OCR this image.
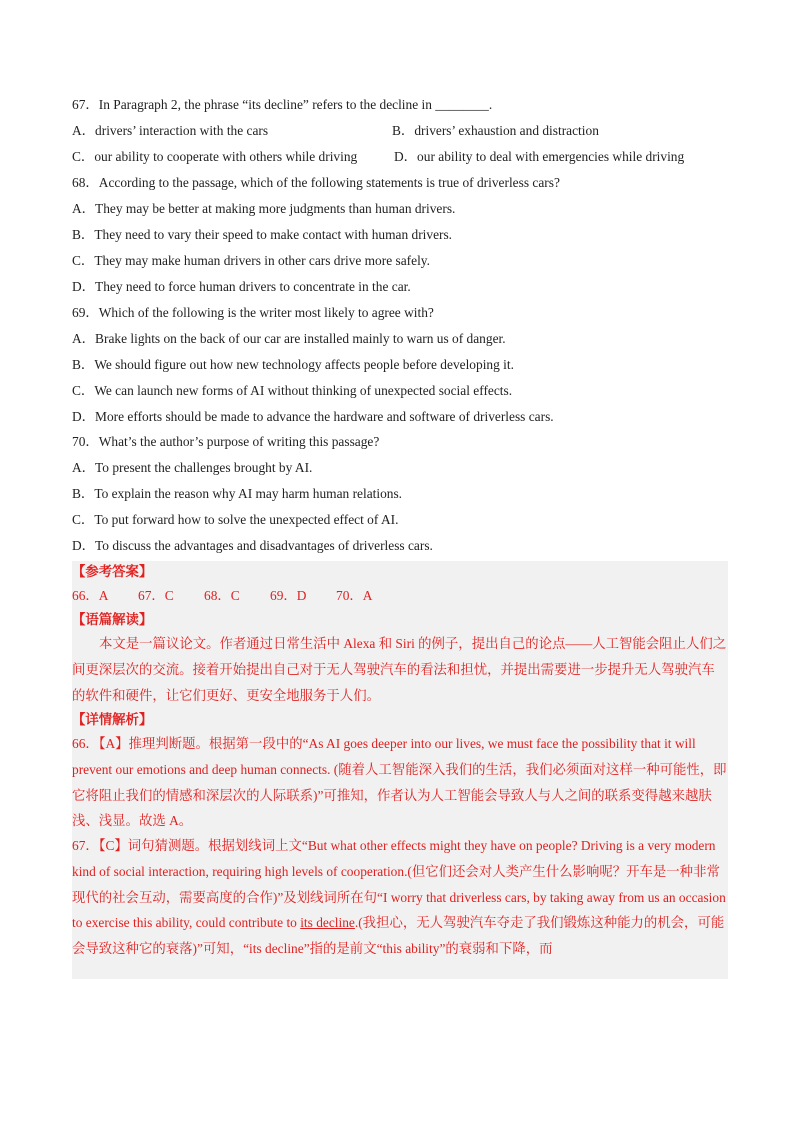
67．In Paragraph 2, the phrase “its decline” refers to the decline in ________.
A．drivers’ interaction with the cars	B．drivers’ exhaustion and distraction
C．our ability to cooperate with others while driving	D．our ability to deal with emergencies while driving
68．According to the passage, which of the following statements is true of driverless cars?
A．They may be better at making more judgments than human drivers.
B．They need to vary their speed to make contact with human drivers.
C．They may make human drivers in other cars drive more safely.
D．They need to force human drivers to concentrate in the car.
69．Which of the following is the writer most likely to agree with?
A．Brake lights on the back of our car are installed mainly to warn us of danger.
B．We should figure out how new technology affects people before developing it.
C．We can launch new forms of AI without thinking of unexpected social effects.
D．More efforts should be made to advance the hardware and software of driverless cars.
70．What’s the author’s purpose of writing this passage?
A．To present the challenges brought by AI.
B．To explain the reason why AI may harm human relations.
C．To put forward how to solve the unexpected effect of AI.
D．To discuss the advantages and disadvantages of driverless cars.
【参考答案】
66．A 67．C 68．C 69．D 70．A
【语篇解读】
本文是一篇议论文。作者通过日常生活中 Alexa 和 Siri 的例子，提出自己的论点——人工智能会阻止人们之间更深层次的交流。接着开始提出自己对于无人驾驶汽车的看法和担忧，并提出需要进一步提升无人驾驶汽车的软件和硬件，让它们更好、更安全地服务于人们。
【详情解析】
66．【A】推理判断题。根据第一段中的“As AI goes deeper into our lives, we must face the possibility that it will prevent our emotions and deep human connects. (随着人工智能深入我们的生活，我们必须面对这样一种可能性，即它将阻止我们的情感和深层次的人际联系)”可推知，作者认为人工智能会导致人与人之间的联系变得越来越肤浅、浅显。故选 A。
67．【C】词句猜测题。根据划线词上文“But what other effects might they have on people? Driving is a very modern kind of social interaction, requiring high levels of cooperation.(但它们还会对人类产生什么影响呢？开车是一种非常现代的社会互动，需要高度的合作)”及划线词所在句“I worry that driverless cars, by taking away from us an occasion to exercise this ability, could contribute to its decline.(我担心，无人驾驶汽车夺走了我们锻炼这种能力的机会，可能会导致这种它的衰落)”可知，“its decline”指的是前文“this ability”的衰弱和下降，而
